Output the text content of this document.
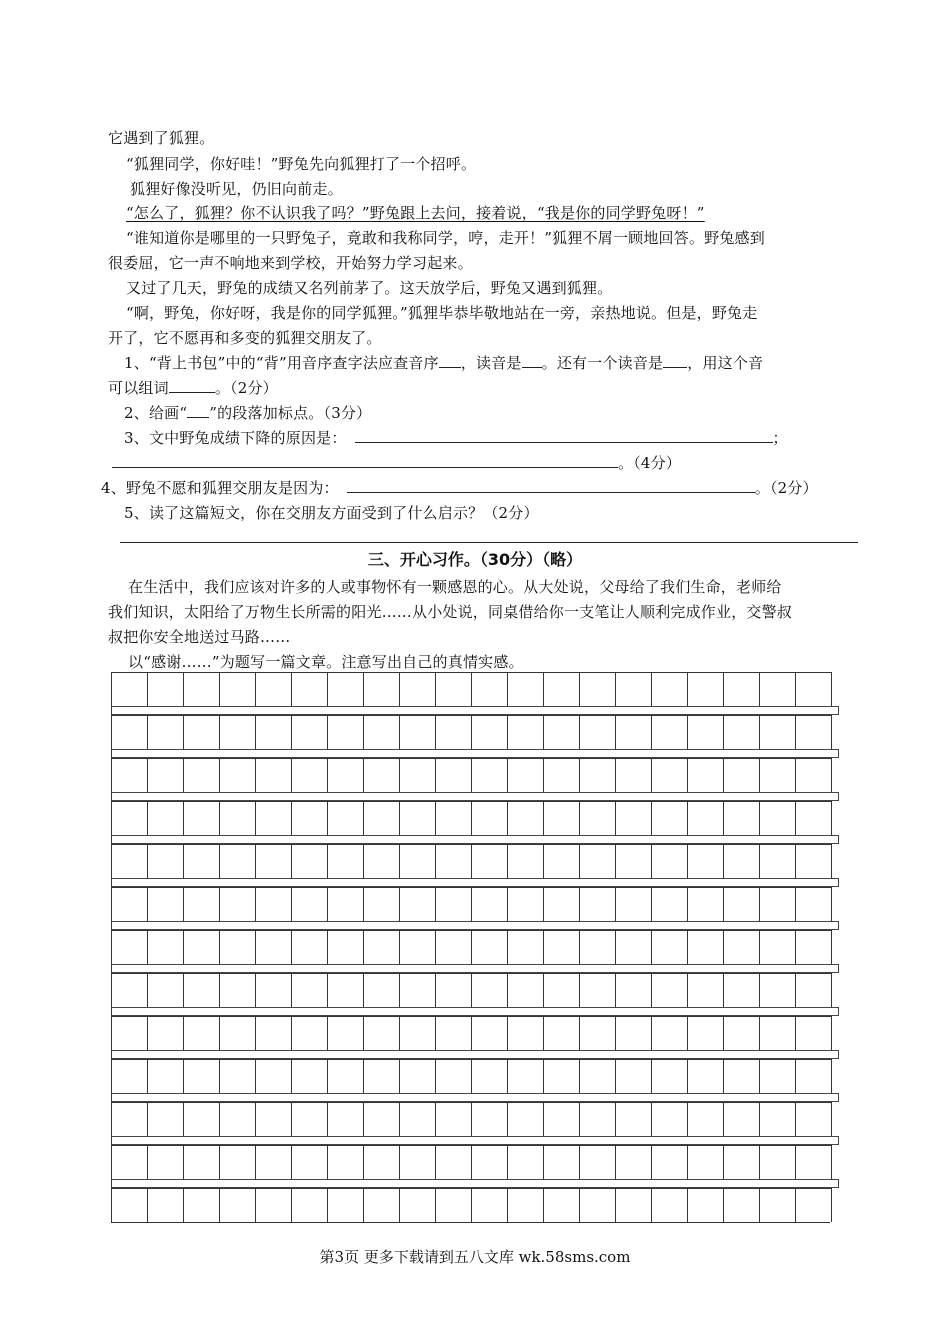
它遇到了狐狸。
“狐狸同学，你好哇！”野兔先向狐狸打了一个招呼。
狐狸好像没听见，仍旧向前走。
“怎么了，狐狸？你不认识我了吗？”野兔跟上去问，接着说，“我是你的同学野兔呀！”
“谁知道你是哪里的一只野兔子，竟敢和我称同学，哼，走开！”狐狸不屑一顾地回答。野兔感到
很委屈，它一声不响地来到学校，开始努力学习起来。
又过了几天，野兔的成绩又名列前茅了。这天放学后，野兔又遇到狐狸。
“啊，野兔，你好呀，我是你的同学狐狸。”狐狸毕恭毕敬地站在一旁，亲热地说。但是，野兔走
开了，它不愿再和多变的狐狸交朋友了。
1、“背上书包”中的“背”用音序查字法应查音序 ，读音是 。还有一个读音是 ，用这个音
可以组词	。（2分）
2、给画“ ”的段落加标点。（3分）
3、文中野兔成绩下降的原因是：	；
。（4分）
4、野兔不愿和狐狸交朋友是因为：	。（2分）
5、读了这篇短文，你在交朋友方面受到了什么启示？（2分）
三、开心习作。（30分）（略）
在生活中，我们应该对许多的人或事物怀有一颗感恩的心。从大处说，父母给了我们生命，老师给
我们知识，太阳给了万物生长所需的阳光……从小处说，同桌借给你一支笔让人顺利完成作业，交警叔
叔把你安全地送过马路……
以“感谢……”为题写一篇文章。注意写出自己的真情实感。
第3页 更多下载请到五八文库 wk.58sms.com
